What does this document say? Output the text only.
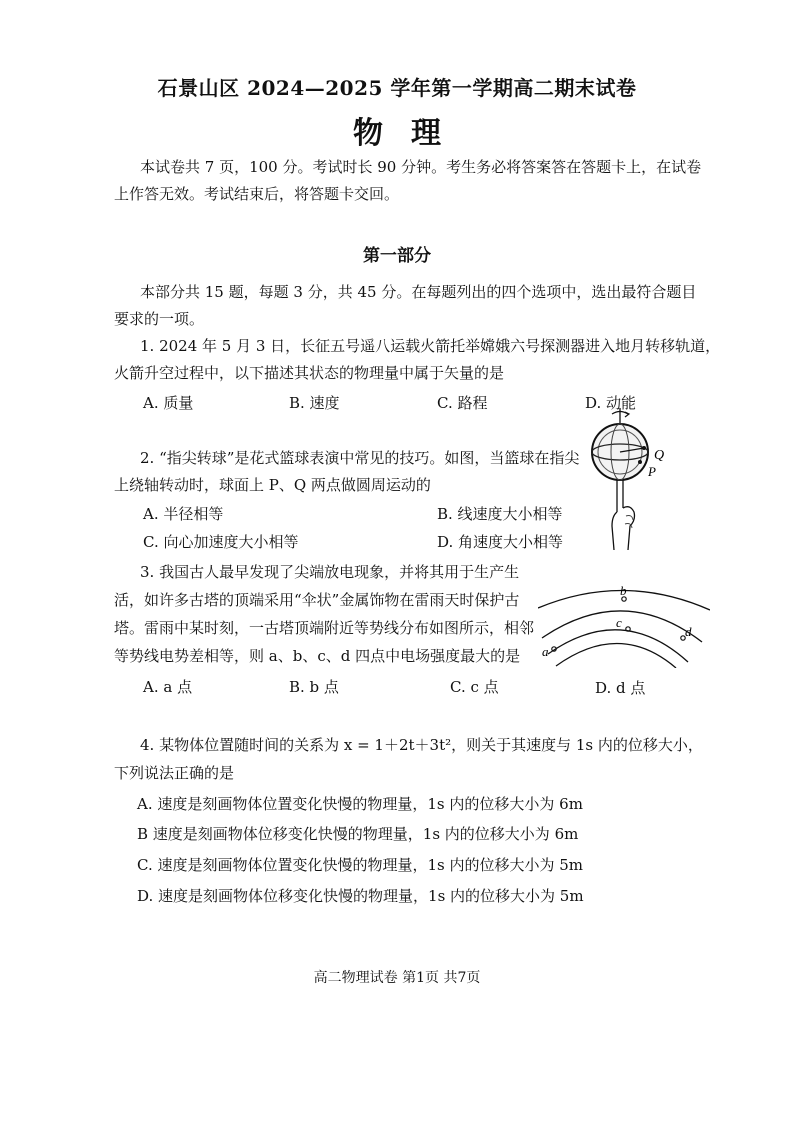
石景山区 2024—2025 学年第一学期高二期末试卷
物理
本试卷共 7 页，100 分。考试时长 90 分钟。考生务必将答案答在答题卡上，在试卷
上作答无效。考试结束后，将答题卡交回。
第一部分
本部分共 15 题，每题 3 分，共 45 分。在每题列出的四个选项中，选出最符合题目
要求的一项。
1. 2024 年 5 月 3 日，长征五号遥八运载火箭托举嫦娥六号探测器进入地月转移轨道，
火箭升空过程中，以下描述其状态的物理量中属于矢量的是
A. 质量	B. 速度	C. 路程	D. 动能
2. “指尖转球”是花式篮球表演中常见的技巧。如图，当篮球在指尖
上绕轴转动时，球面上 P、Q 两点做圆周运动的
A. 半径相等	B. 线速度大小相等
C. 向心加速度大小相等	D. 角速度大小相等
Q
P
3. 我国古人最早发现了尖端放电现象，并将其用于生产生
活，如许多古塔的顶端采用“伞状”金属饰物在雷雨天时保护古
塔。雷雨中某时刻，一古塔顶端附近等势线分布如图所示，相邻
等势线电势差相等，则 a、b、c、d 四点中电场强度最大的是
A. a 点	B. b 点	C. c 点	D. d 点
b
c
d
a
4. 某物体位置随时间的关系为 x = 1＋2t＋3t²，则关于其速度与 1s 内的位移大小，
下列说法正确的是
A. 速度是刻画物体位置变化快慢的物理量，1s 内的位移大小为 6m
B 速度是刻画物体位移变化快慢的物理量，1s 内的位移大小为 6m
C. 速度是刻画物体位置变化快慢的物理量，1s 内的位移大小为 5m
D. 速度是刻画物体位移变化快慢的物理量，1s 内的位移大小为 5m
高二物理试卷 第1页 共7页
